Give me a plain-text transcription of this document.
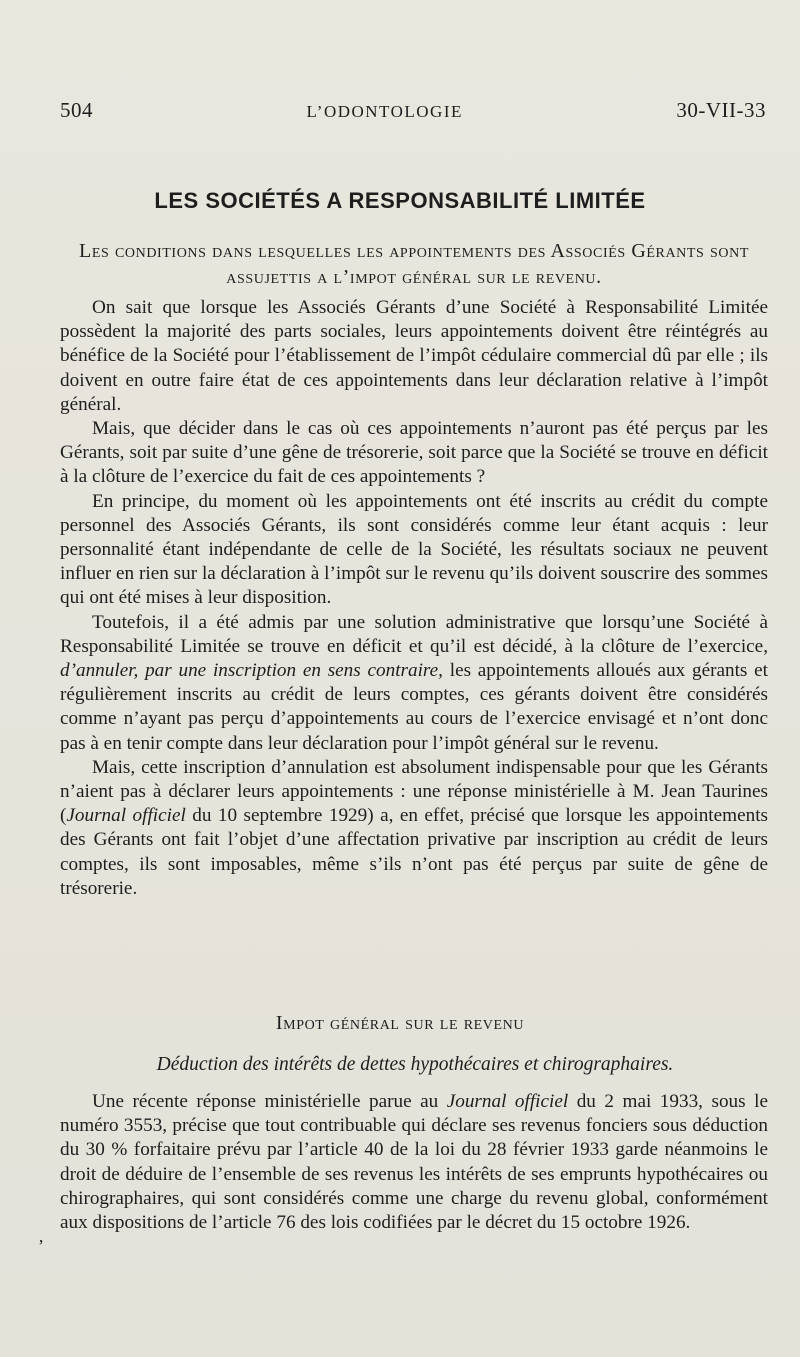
504	L’ODONTOLOGIE	30-VII-33
LES SOCIÉTÉS A RESPONSABILITÉ LIMITÉE
Les conditions dans lesquelles les appointements des Associés Gérants sont assujettis a l’impot général sur le revenu.

On sait que lorsque les Associés Gérants d’une Société à Responsabilité Limitée possèdent la majorité des parts sociales, leurs appointements doivent être réintégrés au bénéfice de la Société pour l’établissement de l’impôt cédulaire commercial dû par elle ; ils doivent en outre faire état de ces appointements dans leur déclaration relative à l’impôt général.

Mais, que décider dans le cas où ces appointements n’auront pas été perçus par les Gérants, soit par suite d’une gêne de trésorerie, soit parce que la Société se trouve en déficit à la clôture de l’exercice du fait de ces appointements ?

En principe, du moment où les appointements ont été inscrits au crédit du compte personnel des Associés Gérants, ils sont considérés comme leur étant acquis : leur personnalité étant indépendante de celle de la Société, les résultats sociaux ne peuvent influer en rien sur la déclaration à l’impôt sur le revenu qu’ils doivent souscrire des sommes qui ont été mises à leur disposition.

Toutefois, il a été admis par une solution administrative que lorsqu’une Société à Responsabilité Limitée se trouve en déficit et qu’il est décidé, à la clôture de l’exercice, d’annuler, par une inscription en sens contraire, les appointements alloués aux gérants et régulièrement inscrits au crédit de leurs comptes, ces gérants doivent être considérés comme n’ayant pas perçu d’appointements au cours de l’exercice envisagé et n’ont donc pas à en tenir compte dans leur déclaration pour l’impôt général sur le revenu.

Mais, cette inscription d’annulation est absolument indispensable pour que les Gérants n’aient pas à déclarer leurs appointements : une réponse ministérielle à M. Jean Taurines (Journal officiel du 10 septembre 1929) a, en effet, précisé que lorsque les appointements des Gérants ont fait l’objet d’une affectation privative par inscription au crédit de leurs comptes, ils sont imposables, même s’ils n’ont pas été perçus par suite de gêne de trésorerie.

Impot général sur le revenu
Déduction des intérêts de dettes hypothécaires et chirographaires.

Une récente réponse ministérielle parue au Journal officiel du 2 mai 1933, sous le numéro 3553, précise que tout contribuable qui déclare ses revenus fonciers sous déduction du 30 % forfaitaire prévu par l’article 40 de la loi du 28 février 1933 garde néanmoins le droit de déduire de l’ensemble de ses revenus les intérêts de ses emprunts hypothécaires ou chirographaires, qui sont considérés comme une charge du revenu global, conformément aux dispositions de l’article 76 des lois codifiées par le décret du 15 octobre 1926.

’
